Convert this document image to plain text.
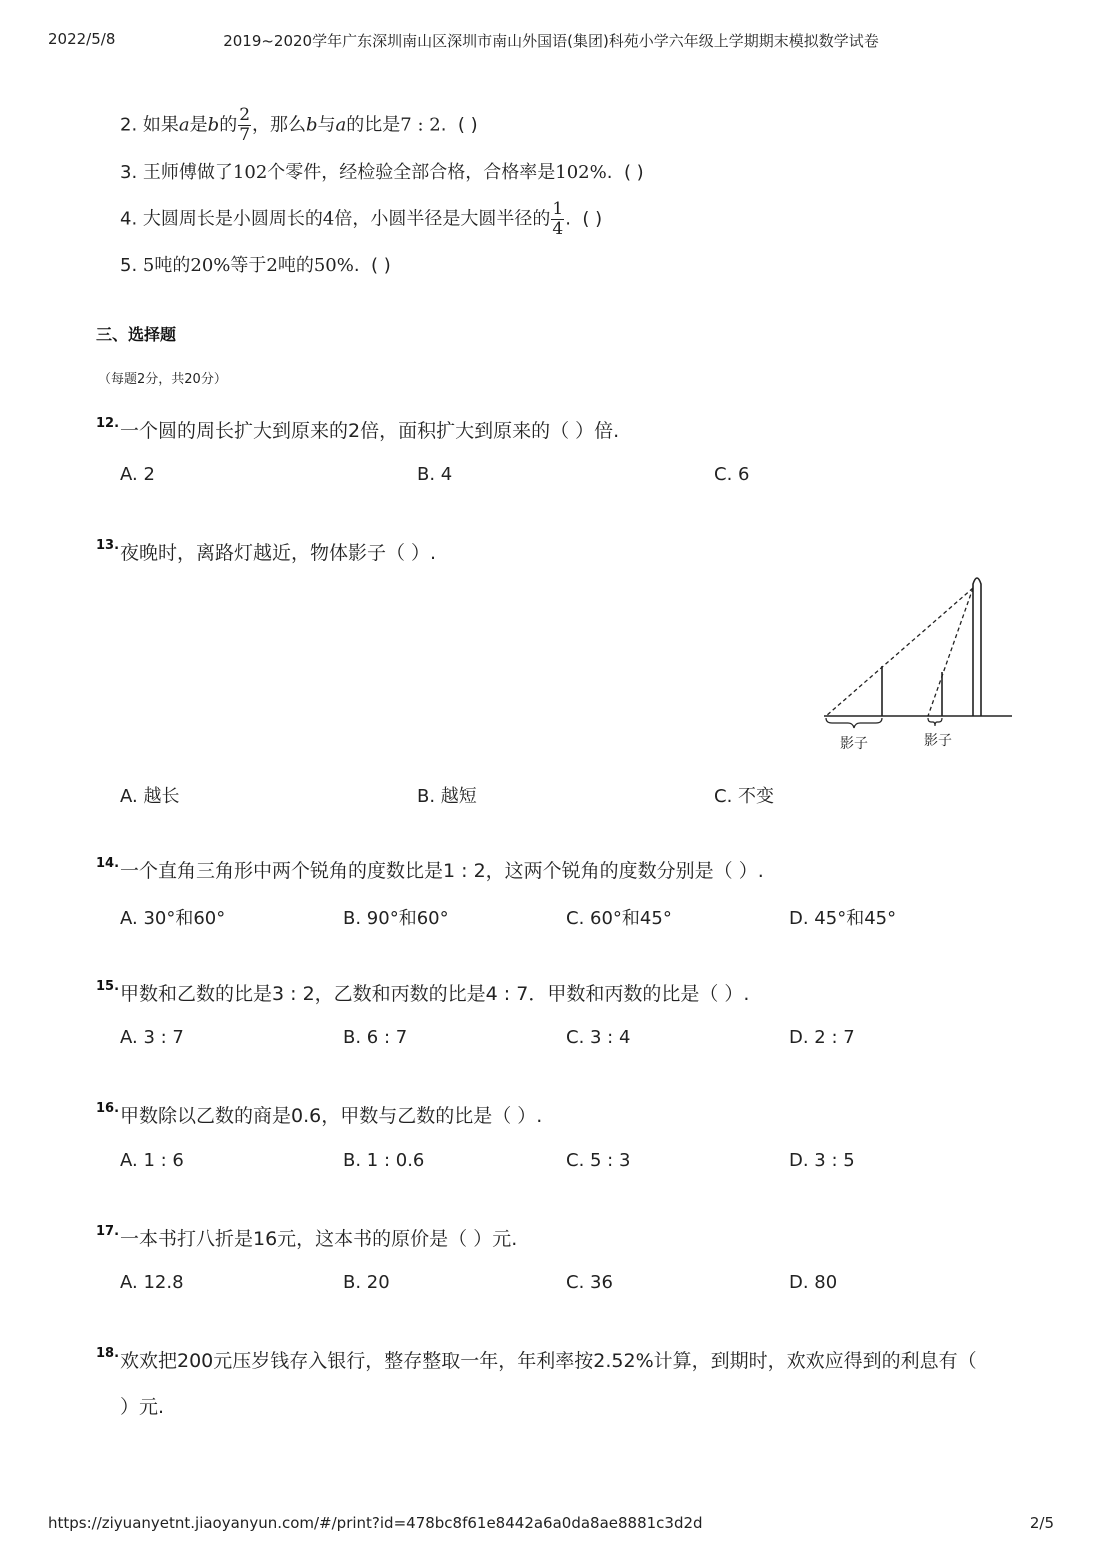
2022/5/8	2019~2020学年广东深圳南山区深圳市南山外国语(集团)科苑小学六年级上学期期末模拟数学试卷
https://ziyuanyetnt.jiaoyanyun.com/#/print?id=478bc8f61e8442a6a0da8ae8881c3d2d	2/5
2. 如果a是b的 $\frac{2}{7}$ ，那么b与a的比是7 : 2. ( )
3. 王师傅做了102个零件，经检验全部合格，合格率是102%. ( )
4. 大圆周长是小圆周长的4倍，小圆半径是大圆半径的 $\frac{1}{4}$ . ( )
5. 5吨的20%等于2吨的50%. ( )
三、选择题
（每题2分，共20分）
12. 一个圆的周长扩大到原来的2倍，面积扩大到原来的（ ）倍.
A. 2	B. 4	C. 6
13. 夜晚时，离路灯越近，物体影子（ ）.
影子	影子
A. 越长	B. 越短	C. 不变
14. 一个直角三角形中两个锐角的度数比是1 : 2，这两个锐角的度数分别是（ ）.
A. 30°和60°	B. 90°和60°	C. 60°和45°	D. 45°和45°
15. 甲数和乙数的比是3 : 2，乙数和丙数的比是4 : 7．甲数和丙数的比是（ ）.
A. 3 : 7	B. 6 : 7	C. 3 : 4	D. 2 : 7
16. 甲数除以乙数的商是0.6，甲数与乙数的比是（ ）.
A. 1 : 6	B. 1 : 0.6	C. 5 : 3	D. 3 : 5
17. 一本书打八折是16元，这本书的原价是（ ）元.
A. 12.8	B. 20	C. 36	D. 80
18. 欢欢把200元压岁钱存入银行，整存整取一年，年利率按2.52%计算，到期时，欢欢应得到的利息有（
）元.
